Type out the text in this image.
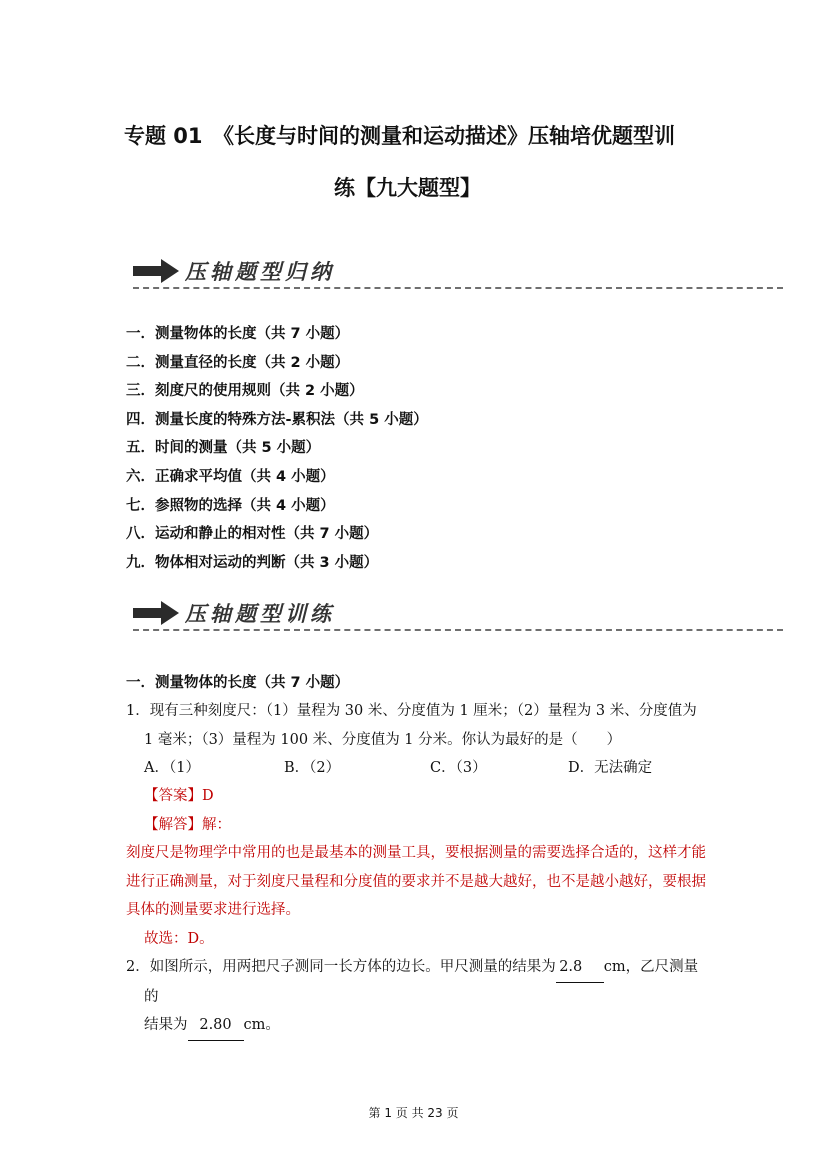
专题 01　《长度与时间的测量和运动描述》压轴培优题型训
练【九大题型】
压轴题型归纳
一．测量物体的长度（共 7 小题）
二．测量直径的长度（共 2 小题）
三．刻度尺的使用规则（共 2 小题）
四．测量长度的特殊方法-累积法（共 5 小题）
五．时间的测量（共 5 小题）
六．正确求平均值（共 4 小题）
七．参照物的选择（共 4 小题）
八．运动和静止的相对性（共 7 小题）
九．物体相对运动的判断（共 3 小题）
压轴题型训练
一．测量物体的长度（共 7 小题）
1．现有三种刻度尺：（1）量程为 30 米、分度值为 1 厘米；（2）量程为 3 米、分度值为 1 毫米；（3）量程为 100 米、分度值为 1 分米。你认为最好的是（　　）
A．（1）	B．（2）	C．（3）	D．无法确定
【答案】D
【解答】解：
刻度尺是物理学中常用的也是最基本的测量工具，要根据测量的需要选择合适的，这样才能进行正确测量，对于刻度尺量程和分度值的要求并不是越大越好，也不是越小越好，要根据具体的测量要求进行选择。
故选：D。
2．如图所示，用两把尺子测同一长方体的边长。甲尺测量的结果为 2.8 cm，乙尺测量的
结果为 2.80 cm。
第 1 页 共 23 页
